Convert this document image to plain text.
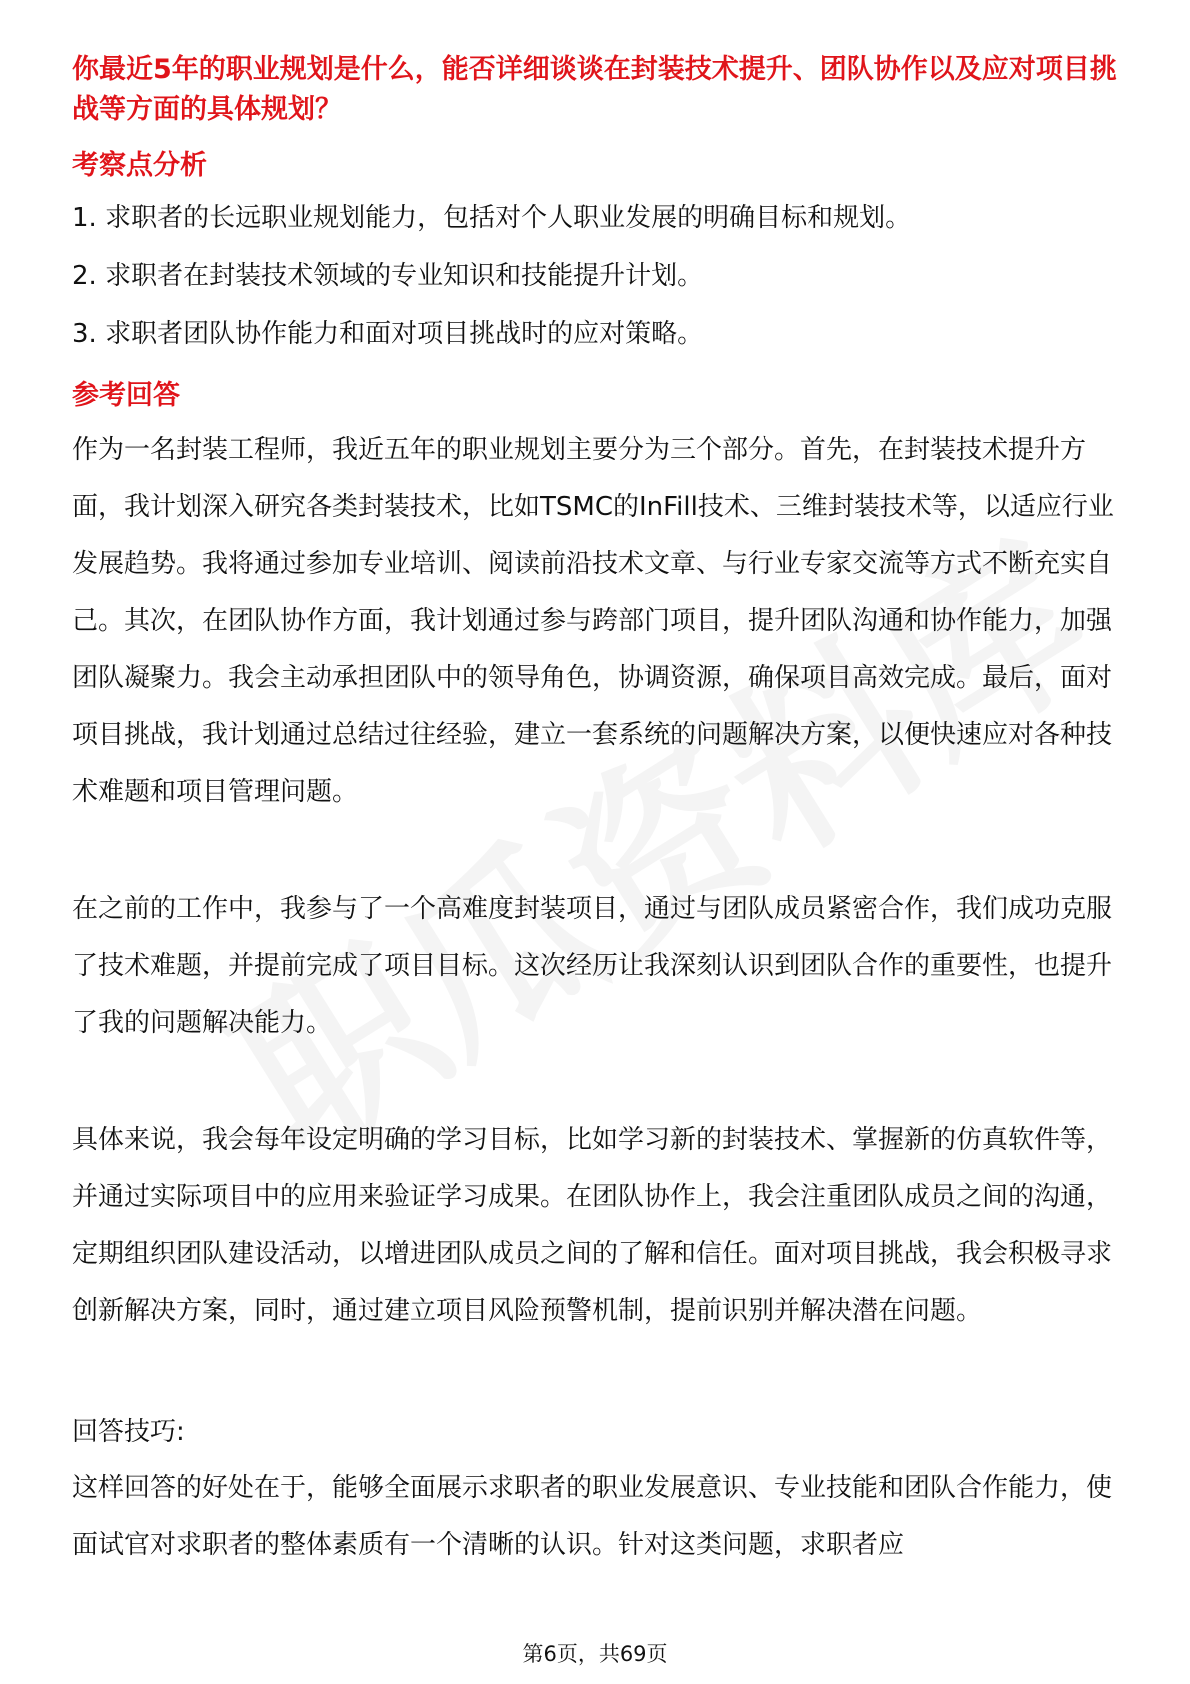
你最近5年的职业规划是什么，能否详细谈谈在封装技术提升、团队协作以及应对项目挑战等方面的具体规划？

考察点分析

1. 求职者的长远职业规划能力，包括对个人职业发展的明确目标和规划。
2. 求职者在封装技术领域的专业知识和技能提升计划。
3. 求职者团队协作能力和面对项目挑战时的应对策略。

参考回答

作为一名封装工程师，我近五年的职业规划主要分为三个部分。首先，在封装技术提升方面，我计划深入研究各类封装技术，比如TSMC的InFill技术、三维封装技术等，以适应行业发展趋势。我将通过参加专业培训、阅读前沿技术文章、与行业专家交流等方式不断充实自己。其次，在团队协作方面，我计划通过参与跨部门项目，提升团队沟通和协作能力，加强团队凝聚力。我会主动承担团队中的领导角色，协调资源，确保项目高效完成。最后，面对项目挑战，我计划通过总结过往经验，建立一套系统的问题解决方案，以便快速应对各种技术难题和项目管理问题。

在之前的工作中，我参与了一个高难度封装项目，通过与团队成员紧密合作，我们成功克服了技术难题，并提前完成了项目目标。这次经历让我深刻认识到团队合作的重要性，也提升了我的问题解决能力。

具体来说，我会每年设定明确的学习目标，比如学习新的封装技术、掌握新的仿真软件等，并通过实际项目中的应用来验证学习成果。在团队协作上，我会注重团队成员之间的沟通，定期组织团队建设活动，以增进团队成员之间的了解和信任。面对项目挑战，我会积极寻求创新解决方案，同时，通过建立项目风险预警机制，提前识别并解决潜在问题。

回答技巧:

这样回答的好处在于，能够全面展示求职者的职业发展意识、专业技能和团队合作能力，使面试官对求职者的整体素质有一个清晰的认识。针对这类问题，求职者应

第6页，共69页
